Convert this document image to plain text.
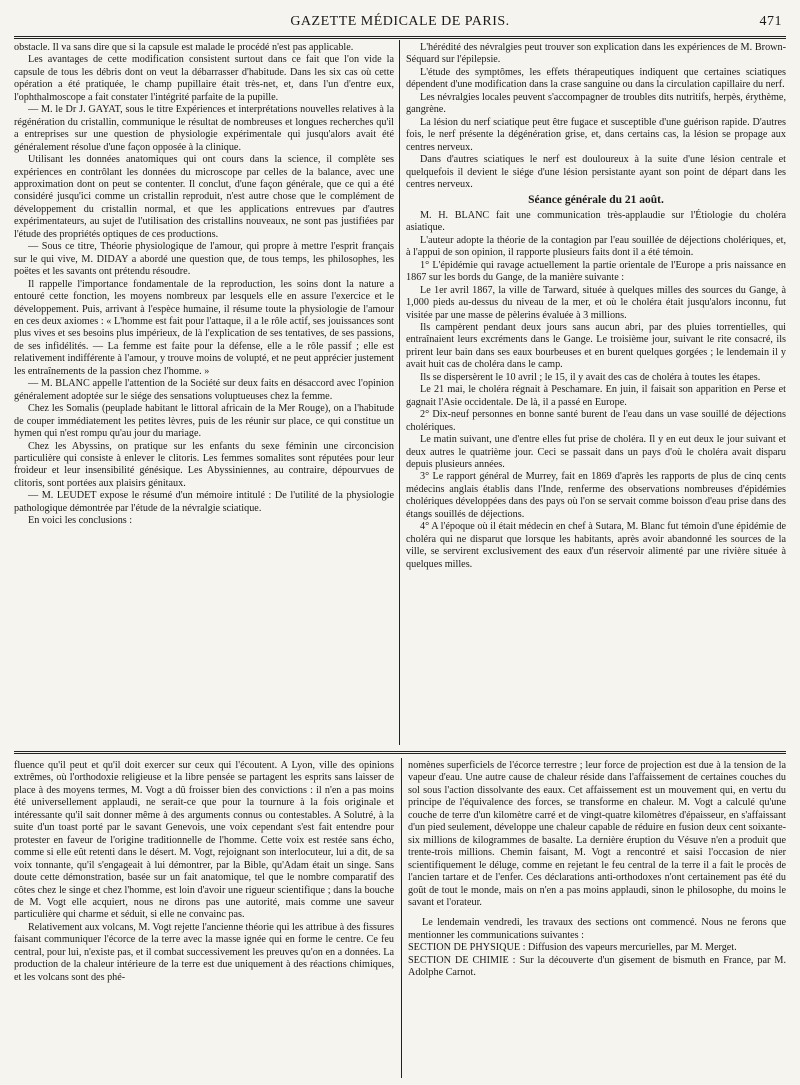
GAZETTE MÉDICALE DE PARIS.	471

obstacle. Il va sans dire que si la capsule est malade le procédé n'est pas applicable.

Les avantages de cette modification consistent surtout dans ce fait que l'on vide la capsule de tous les débris dont on veut la débarrasser d'habitude. Dans les six cas où cette opération a été pratiquée, le champ pupillaire était très-net, et, dans l'un d'entre eux, l'ophthalmoscope a fait constater l'intégrité parfaite de la pupille.

— M. le Dr J. GAYAT, sous le titre Expériences et interprétations nouvelles relatives à la régénération du cristallin, communique le résultat de nombreuses et longues recherches qu'il a entreprises sur une question de physiologie expérimentale qui jusqu'alors avait été généralement résolue d'une façon opposée à la clinique.

Utilisant les données anatomiques qui ont cours dans la science, il complète ses expériences en contrôlant les données du microscope par celles de la balance, avec une approximation dont on peut se contenter. Il conclut, d'une façon générale, que ce qui a été considéré jusqu'ici comme un cristallin reproduit, n'est autre chose que le complément de développement du cristallin normal, et que les applications entrevues par d'autres expérimentateurs, au sujet de l'utilisation des cristallins nouveaux, ne sont pas justifiées par l'étude des propriétés optiques de ces productions.

— Sous ce titre, Théorie physiologique de l'amour, qui propre à mettre l'esprit français sur le qui vive, M. DIDAY a abordé une question que, de tous temps, les philosophes, les poëtes et les savants ont prétendu résoudre.

Il rappelle l'importance fondamentale de la reproduction, les soins dont la nature a entouré cette fonction, les moyens nombreux par lesquels elle en assure l'exercice et le développement. Puis, arrivant à l'espèce humaine, il résume toute la physiologie de l'amour en ces deux axiomes : « L'homme est fait pour l'attaque, il a le rôle actif, ses jouissances sont plus vives et ses besoins plus impérieux, de là l'explication de ses tentatives, de ses passions, de ses infidélités. — La femme est faite pour la défense, elle a le rôle passif ; elle est relativement indifférente à l'amour, y trouve moins de volupté, et ne peut apprécier justement les entraînements de la passion chez l'homme. »

— M. BLANC appelle l'attention de la Société sur deux faits en désaccord avec l'opinion généralement adoptée sur le siége des sensations voluptueuses chez la femme.

Chez les Somalis (peuplade habitant le littoral africain de la Mer Rouge), on a l'habitude de couper immédiatement les petites lèvres, puis de les réunir sur place, ce qui constitue un hymen qui n'est rompu qu'au jour du mariage.

Chez les Abyssins, on pratique sur les enfants du sexe féminin une circoncision particulière qui consiste à enlever le clitoris. Les femmes somalites sont réputées pour leur froideur et leur insensibilité génésique. Les Abyssiniennes, au contraire, dépourvues de clitoris, sont portées aux plaisirs génitaux.

— M. LEUDET expose le résumé d'un mémoire intitulé : De l'utilité de la physiologie pathologique démontrée par l'étude de la névralgie sciatique.

En voici les conclusions :

L'hérédité des névralgies peut trouver son explication dans les expériences de M. Brown-Séquard sur l'épilepsie.

L'étude des symptômes, les effets thérapeutiques indiquent que certaines sciatiques dépendent d'une modification dans la crase sanguine ou dans la circulation capillaire du nerf.

Les névralgies locales peuvent s'accompagner de troubles dits nutritifs, herpès, érythème, gangrène.

La lésion du nerf sciatique peut être fugace et susceptible d'une guérison rapide. D'autres fois, le nerf présente la dégénération grise, et, dans certains cas, la lésion se propage aux centres nerveux.

Dans d'autres sciatiques le nerf est douloureux à la suite d'une lésion centrale et quelquefois il devient le siége d'une lésion persistante ayant son point de départ dans les centres nerveux.

Séance générale du 21 août.

M. H. BLANC fait une communication très-applaudie sur l'Étiologie du choléra asiatique.

L'auteur adopte la théorie de la contagion par l'eau souillée de déjections cholériques, et, à l'appui de son opinion, il rapporte plusieurs faits dont il a été témoin.

1° L'épidémie qui ravage actuellement la partie orientale de l'Europe a pris naissance en 1867 sur les bords du Gange, de la manière suivante :

Le 1er avril 1867, la ville de Tarward, située à quelques milles des sources du Gange, à 1,000 pieds au-dessus du niveau de la mer, et où le choléra était jusqu'alors inconnu, fut visitée par une masse de pèlerins évaluée à 3 millions.

Ils campèrent pendant deux jours sans aucun abri, par des pluies torrentielles, qui entraînaient leurs excréments dans le Gange. Le troisième jour, suivant le rite consacré, ils prirent leur bain dans ses eaux bourbeuses et en burent quelques gorgées ; le lendemain il y avait huit cas de choléra dans le camp.

Ils se dispersèrent le 10 avril ; le 15, il y avait des cas de choléra à toutes les étapes.

Le 21 mai, le choléra régnait à Peschamare. En juin, il faisait son apparition en Perse et gagnait l'Asie occidentale. De là, il a passé en Europe.

2° Dix-neuf personnes en bonne santé burent de l'eau dans un vase souillé de déjections cholériques.

Le matin suivant, une d'entre elles fut prise de choléra. Il y en eut deux le jour suivant et deux autres le quatrième jour. Ceci se passait dans un pays d'où le choléra avait disparu depuis plusieurs années.

3° Le rapport général de Murrey, fait en 1869 d'après les rapports de plus de cinq cents médecins anglais établis dans l'Inde, renferme des observations nombreuses d'épidémies cholériques développées dans des pays où l'on se servait comme boisson d'eau prise dans des étangs souillés de déjections.

4° A l'époque où il était médecin en chef à Sutara, M. Blanc fut témoin d'une épidémie de choléra qui ne disparut que lorsque les habitants, après avoir abandonné les sources de la ville, se servirent exclusivement des eaux d'un réservoir alimenté par une rivière située à quelques milles.

fluence qu'il peut et qu'il doit exercer sur ceux qui l'écoutent. A Lyon, ville des opinions extrêmes, où l'orthodoxie religieuse et la libre pensée se partagent les esprits sans laisser de place à des moyens termes, M. Vogt a dû froisser bien des convictions : il n'en a pas moins été universellement applaudi, ne serait-ce que pour la tournure à la fois originale et intéressante qu'il sait donner même à des arguments connus ou contestables. A Solutré, à la suite d'un toast porté par le savant Genevois, une voix cependant s'est fait entendre pour protester en faveur de l'origine traditionnelle de l'homme. Cette voix est restée sans écho, comme si elle eût retenti dans le désert. M. Vogt, rejoignant son interlocuteur, lui a dit, de sa voix tonnante, qu'il s'engageait à lui démontrer, par la Bible, qu'Adam était un singe. Sans doute cette démonstration, basée sur un fait anatomique, tel que le nombre comparatif des côtes chez le singe et chez l'homme, est loin d'avoir une rigueur scientifique ; dans la bouche de M. Vogt elle acquiert, nous ne dirons pas une autorité, mais comme une saveur particulière qui charme et séduit, si elle ne convainc pas.

Relativement aux volcans, M. Vogt rejette l'ancienne théorie qui les attribue à des fissures faisant communiquer l'écorce de la terre avec la masse ignée qui en forme le centre. Ce feu central, pour lui, n'existe pas, et il combat successivement les preuves qu'on en a données. La production de la chaleur intérieure de la terre est due uniquement à des réactions chimiques, et les volcans sont des phé-

nomènes superficiels de l'écorce terrestre ; leur force de projection est due à la tension de la vapeur d'eau. Une autre cause de chaleur réside dans l'affaissement de certaines couches du sol sous l'action dissolvante des eaux. Cet affaissement est un mouvement qui, en vertu du principe de l'équivalence des forces, se transforme en chaleur. M. Vogt a calculé qu'une couche de terre d'un kilomètre carré et de vingt-quatre kilomètres d'épaisseur, en s'affaissant d'un pied seulement, développe une chaleur capable de réduire en fusion deux cent soixante-six millions de kilogrammes de basalte. La dernière éruption du Vésuve n'en a produit que trente-trois millions. Chemin faisant, M. Vogt a rencontré et saisi l'occasion de nier scientifiquement le déluge, comme en rejetant le feu central de la terre il a fait le procès de l'ancien tartare et de l'enfer. Ces déclarations anti-orthodoxes n'ont certainement pas été du goût de tout le monde, mais on n'en a pas moins applaudi, sinon le philosophe, du moins le savant et l'orateur.

Le lendemain vendredi, les travaux des sections ont commencé. Nous ne ferons que mentionner les communications suivantes :

SECTION DE PHYSIQUE : Diffusion des vapeurs mercurielles, par M. Merget.

SECTION DE CHIMIE : Sur la découverte d'un gisement de bismuth en France, par M. Adolphe Carnot.
